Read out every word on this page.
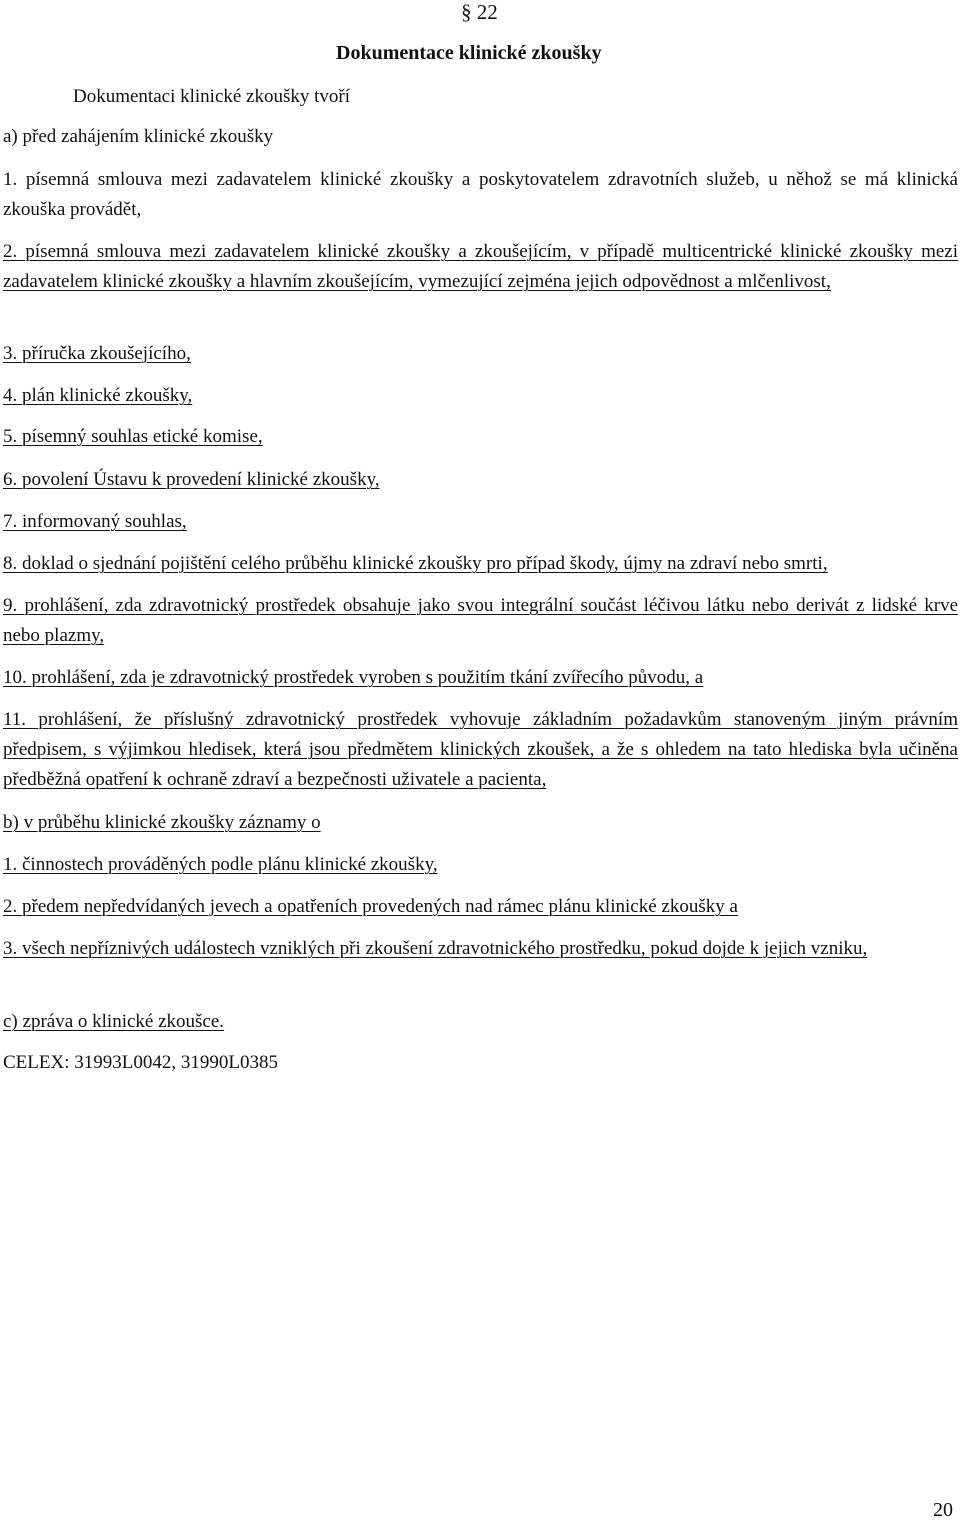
§ 22
Dokumentace klinické zkoušky
Dokumentaci klinické zkoušky tvoří
a) před zahájením klinické zkoušky
1. písemná smlouva mezi zadavatelem klinické zkoušky a poskytovatelem zdravotních služeb, u něhož se má klinická zkouška provádět,
2. písemná smlouva mezi zadavatelem klinické zkoušky a zkoušejícím, v případě multicentrické klinické zkoušky mezi zadavatelem klinické zkoušky a hlavním zkoušejícím, vymezující zejména jejich odpovědnost a mlčenlivost,
3. příručka zkoušejícího,
4. plán klinické zkoušky,
5. písemný souhlas etické komise,
6. povolení Ústavu k provedení klinické zkoušky,
7. informovaný souhlas,
8. doklad o sjednání pojištění celého průběhu klinické zkoušky pro případ škody, újmy na zdraví nebo smrti,
9. prohlášení, zda zdravotnický prostředek obsahuje jako svou integrální součást léčivou látku nebo derivát z lidské krve nebo plazmy,
10. prohlášení, zda je zdravotnický prostředek vyroben s použitím tkání zvířecího původu, a
11. prohlášení, že příslušný zdravotnický prostředek vyhovuje základním požadavkům stanoveným jiným právním předpisem, s výjimkou hledisek, která jsou předmětem klinických zkoušek, a že s ohledem na tato hlediska byla učiněna předběžná opatření k ochraně zdraví a bezpečnosti uživatele a pacienta,
b) v průběhu klinické zkoušky záznamy o
1. činnostech prováděných podle plánu klinické zkoušky,
2. předem nepředvídaných jevech a opatřeních provedených nad rámec plánu klinické zkoušky a
3. všech nepříznivých událostech vzniklých při zkoušení zdravotnického prostředku, pokud dojde k jejich vzniku,
c) zpráva o klinické zkoušce.
CELEX: 31993L0042, 31990L0385
20
